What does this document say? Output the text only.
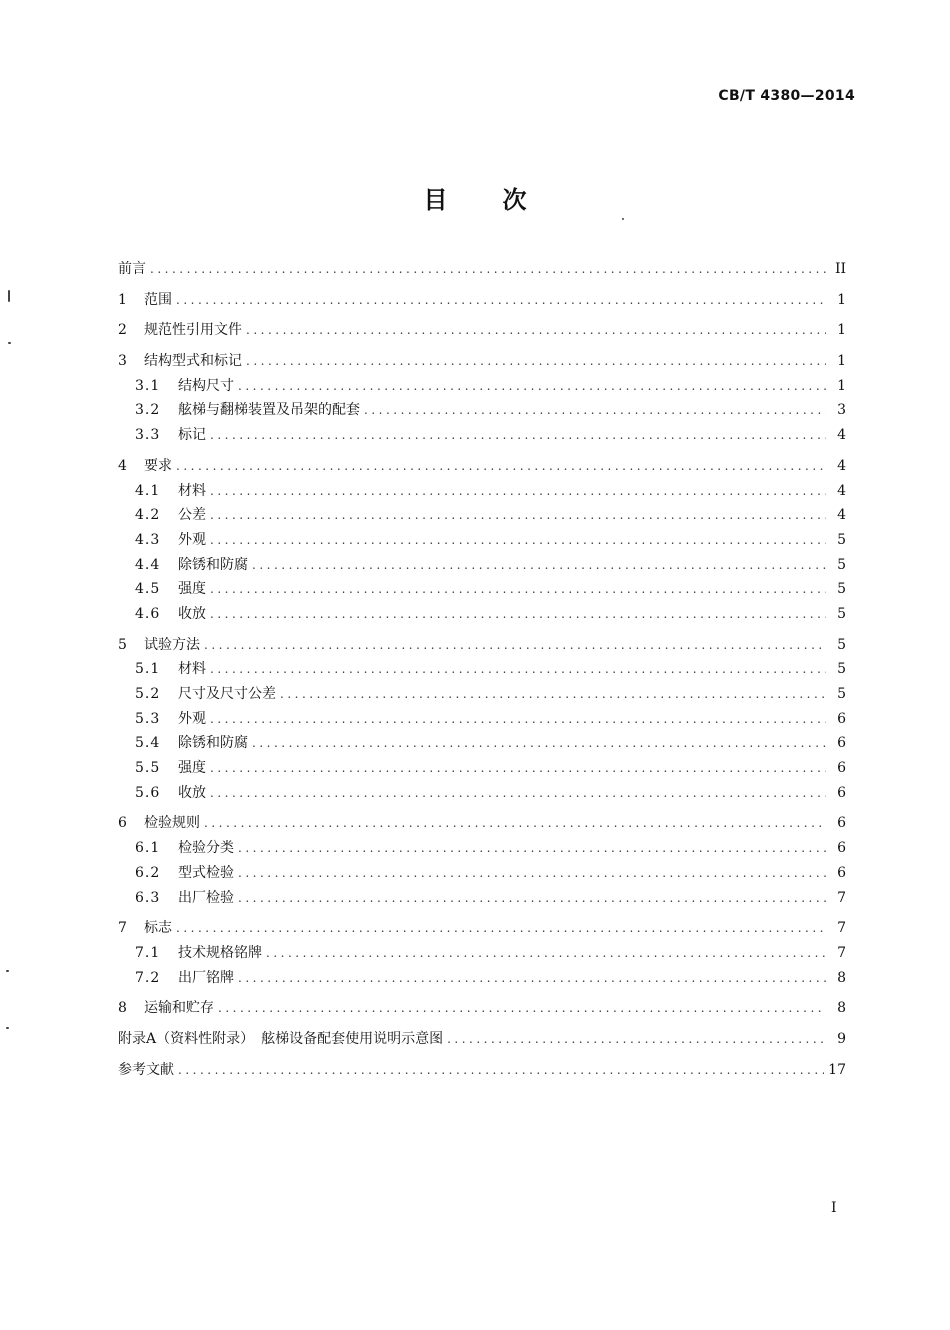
CB/T 4380—2014
目 次
前言 .....	II
1	范围 .....	1
2	规范性引用文件 .....	1
3	结构型式和标记 .....	1
3.1	结构尺寸 .....	1
3.2	舷梯与翻梯装置及吊架的配套 .....	3
3.3	标记 .....	4
4	要求 .....	4
4.1	材料 .....	4
4.2	公差 .....	4
4.3	外观 .....	5
4.4	除锈和防腐 .....	5
4.5	强度 .....	5
4.6	收放 .....	5
5	试验方法 .....	5
5.1	材料 .....	5
5.2	尺寸及尺寸公差 .....	5
5.3	外观 .....	6
5.4	除锈和防腐 .....	6
5.5	强度 .....	6
5.6	收放 .....	6
6	检验规则 .....	6
6.1	检验分类 .....	6
6.2	型式检验 .....	6
6.3	出厂检验 .....	7
7	标志 .....	7
7.1	技术规格铭牌 .....	7
7.2	出厂铭牌 .....	8
8	运输和贮存 .....	8
附录A（资料性附录）　舷梯设备配套使用说明示意图 .....	9
参考文献 .....	17
I
